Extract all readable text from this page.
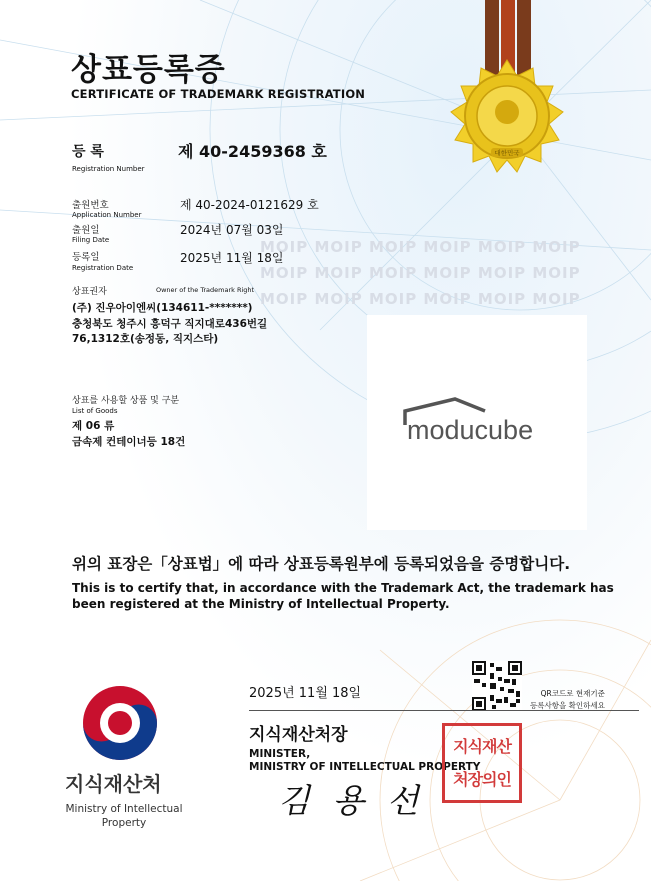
대한민국
상표등록증
CERTIFICATE OF TRADEMARK REGISTRATION
등 록
Registration Number
제 40-2459368 호
MOIP MOIP MOIP MOIP MOIP MOIP
MOIP MOIP MOIP MOIP MOIP MOIP
MOIP MOIP MOIP MOIP MOIP MOIP
출원번호
Application Number
제 40-2024-0121629 호
출원일
Filing Date
2024년 07월 03일
등록일
Registration Date
2025년 11월 18일
상표권자	Owner of the Trademark Right
(주) 진우아이엔씨(134611-*******)
충청북도 청주시 흥덕구 직지대로436번길
76,1312호(송정동, 직지스타)
상표를 사용할 상품 및 구분
List of Goods
제 06 류
금속제 컨테이너등 18건	moducube
위의 표장은「상표법」에 따라 상표등록원부에 등록되었음을 증명합니다.
This is to certify that, in accordance with the Trademark Act, the trademark has been registered at the Ministry of Intellectual Property.
2025년 11월 18일	QR코드로 현재기준
등록사항을 확인하세요
지식재산처장
MINISTER,
MINISTRY OF INTELLECTUAL PROPERTY
지식재산
처장의인
김 용 선
지식재산처
Ministry of Intellectual Property
